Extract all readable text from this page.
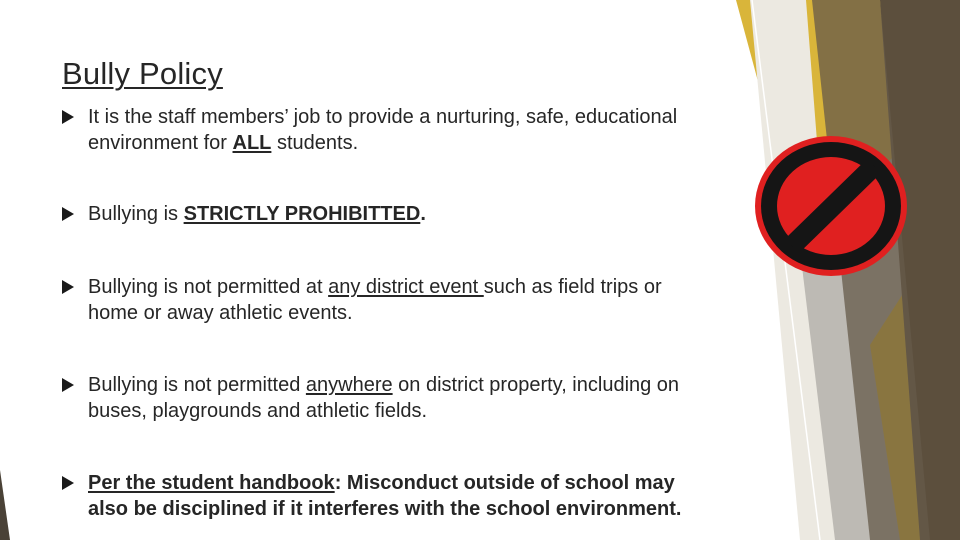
Bully Policy
It is the staff members’ job to provide a nurturing, safe, educational environment for ALL students.
Bullying is STRICTLY PROHIBITTED.
Bullying is not permitted at any district event such as field trips or home or away athletic events.
Bullying is not permitted anywhere on district property, including on buses, playgrounds and athletic fields.
Per the student handbook: Misconduct outside of school may also be disciplined if it interferes with the school environment.
